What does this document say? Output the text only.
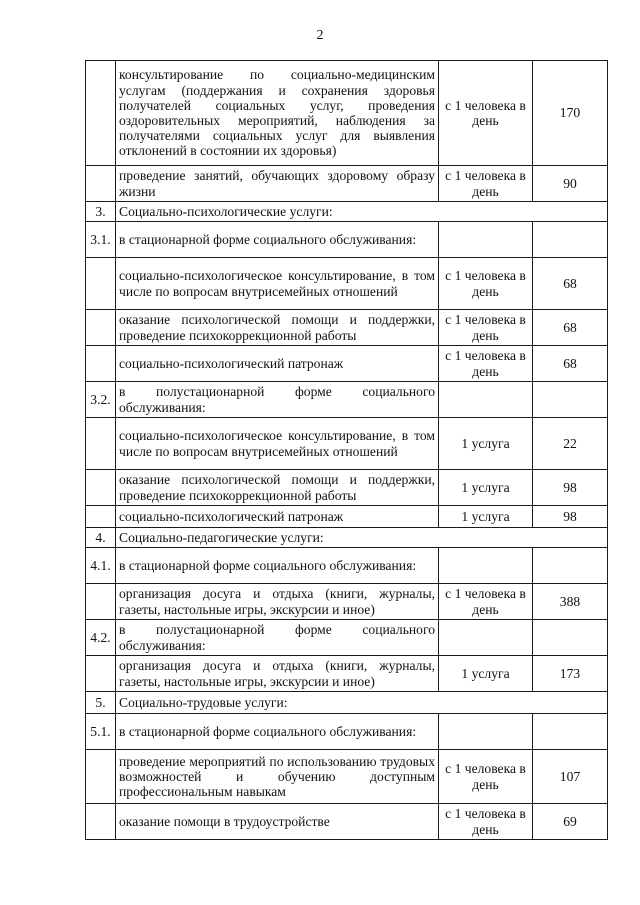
2
	консультирование по социально-медицинским услугам (поддержания и сохранения здоровья получателей социальных услуг, проведения оздоровительных мероприятий, наблюдения за получателями социальных услуг для выявления отклонений в состоянии их здоровья)	с 1 человека в день	170
	проведение занятий, обучающих здоровому образу жизни	с 1 человека в день	90
3.	Социально-психологические услуги:		
3.1.	в стационарной форме социального обслуживания:		
	социально-психологическое консультирование, в том числе по вопросам внутрисемейных отношений	с 1 человека в день	68
	оказание психологической помощи и поддержки, проведение психокоррекционной работы	с 1 человека в день	68
	социально-психологический патронаж	с 1 человека в день	68
3.2.	в полустационарной форме социального обслуживания:		
	социально-психологическое консультирование, в том числе по вопросам внутрисемейных отношений	1 услуга	22
	оказание психологической помощи и поддержки, проведение психокоррекционной работы	1 услуга	98
	социально-психологический патронаж	1 услуга	98
4.	Социально-педагогические услуги:		
4.1.	в стационарной форме социального обслуживания:		
	организация досуга и отдыха (книги, журналы, газеты, настольные игры, экскурсии и иное)	с 1 человека в день	388
4.2.	в полустационарной форме социального обслуживания:		
	организация досуга и отдыха (книги, журналы, газеты, настольные игры, экскурсии и иное)	1 услуга	173
5.	Социально-трудовые услуги:		
5.1.	в стационарной форме социального обслуживания:		
	проведение мероприятий по использованию трудовых возможностей и обучению доступным профессиональным навыкам	с 1 человека в день	107
	оказание помощи в трудоустройстве	с 1 человека в день	69
